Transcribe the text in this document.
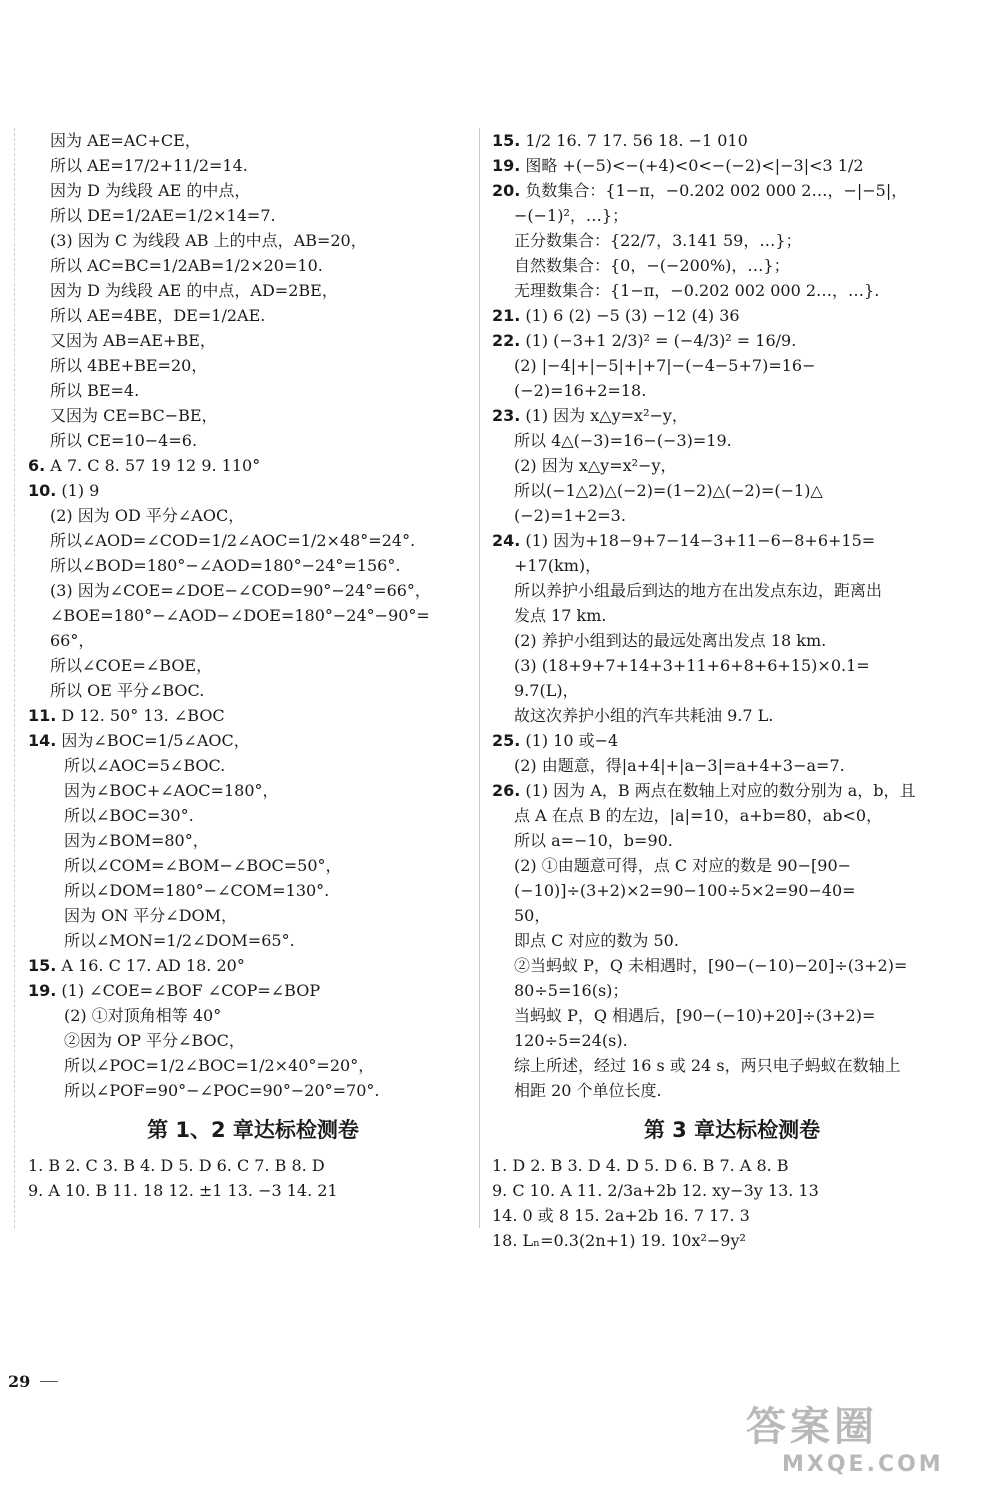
因为 AE=AC+CE，
所以 AE=17/2+11/2=14.
因为 D 为线段 AE 的中点，
所以 DE=1/2AE=1/2×14=7.
(3) 因为 C 为线段 AB 上的中点，AB=20，
所以 AC=BC=1/2AB=1/2×20=10.
因为 D 为线段 AE 的中点，AD=2BE，
所以 AE=4BE，DE=1/2AE.
又因为 AB=AE+BE，
所以 4BE+BE=20，
所以 BE=4.
又因为 CE=BC−BE，
所以 CE=10−4=6.
6. A 7. C 8. 57 19 12 9. 110°
10. (1) 9
(2) 因为 OD 平分∠AOC，
所以∠AOD=∠COD=1/2∠AOC=1/2×48°=24°.
所以∠BOD=180°−∠AOD=180°−24°=156°.
(3) 因为∠COE=∠DOE−∠COD=90°−24°=66°，
∠BOE=180°−∠AOD−∠DOE=180°−24°−90°=
66°，
所以∠COE=∠BOE，
所以 OE 平分∠BOC.
11. D 12. 50° 13. ∠BOC
14. 因为∠BOC=1/5∠AOC，
所以∠AOC=5∠BOC.
因为∠BOC+∠AOC=180°，
所以∠BOC=30°.
因为∠BOM=80°，
所以∠COM=∠BOM−∠BOC=50°，
所以∠DOM=180°−∠COM=130°.
因为 ON 平分∠DOM，
所以∠MON=1/2∠DOM=65°.
15. A 16. C 17. AD 18. 20°
19. (1) ∠COE=∠BOF ∠COP=∠BOP
(2) ①对顶角相等 40°
②因为 OP 平分∠BOC，
所以∠POC=1/2∠BOC=1/2×40°=20°，
所以∠POF=90°−∠POC=90°−20°=70°.
第 1、2 章达标检测卷
1. B 2. C 3. B 4. D 5. D 6. C 7. B 8. D
9. A 10. B 11. 18 12. ±1 13. −3 14. 21
15. 1/2 16. 7 17. 56 18. −1 010
19. 图略 +(−5)<−(+4)<0<−(−2)<|−3|<3 1/2
20. 负数集合：{1−π，−0.202 002 000 2…，−|−5|，
−(−1)²，…}；
正分数集合：{22/7，3.141 59，…}；
自然数集合：{0，−(−200%)，…}；
无理数集合：{1−π，−0.202 002 000 2…，…}.
21. (1) 6 (2) −5 (3) −12 (4) 36
22. (1) (−3+1 2/3)² = (−4/3)² = 16/9.
(2) |−4|+|−5|+|+7|−(−4−5+7)=16−
(−2)=16+2=18.
23. (1) 因为 x△y=x²−y，
所以 4△(−3)=16−(−3)=19.
(2) 因为 x△y=x²−y，
所以(−1△2)△(−2)=(1−2)△(−2)=(−1)△
(−2)=1+2=3.
24. (1) 因为+18−9+7−14−3+11−6−8+6+15=
+17(km)，
所以养护小组最后到达的地方在出发点东边，距离出
发点 17 km.
(2) 养护小组到达的最远处离出发点 18 km.
(3) (18+9+7+14+3+11+6+8+6+15)×0.1=
9.7(L)，
故这次养护小组的汽车共耗油 9.7 L.
25. (1) 10 或−4
(2) 由题意，得|a+4|+|a−3|=a+4+3−a=7.
26. (1) 因为 A，B 两点在数轴上对应的数分别为 a，b，且
点 A 在点 B 的左边，|a|=10，a+b=80，ab<0，
所以 a=−10，b=90.
(2) ①由题意可得，点 C 对应的数是 90−[90−
(−10)]÷(3+2)×2=90−100÷5×2=90−40=
50，
即点 C 对应的数为 50.
②当蚂蚁 P，Q 未相遇时，[90−(−10)−20]÷(3+2)=
80÷5=16(s)；
当蚂蚁 P，Q 相遇后，[90−(−10)+20]÷(3+2)=
120÷5=24(s).
综上所述，经过 16 s 或 24 s，两只电子蚂蚁在数轴上
相距 20 个单位长度.
第 3 章达标检测卷
1. D 2. B 3. D 4. D 5. D 6. B 7. A 8. B
9. C 10. A 11. 2/3a+2b 12. xy−3y 13. 13
14. 0 或 8 15. 2a+2b 16. 7 17. 3
18. Lₙ=0.3(2n+1) 19. 10x²−9y²
29
答案圈
MXQE.COM
